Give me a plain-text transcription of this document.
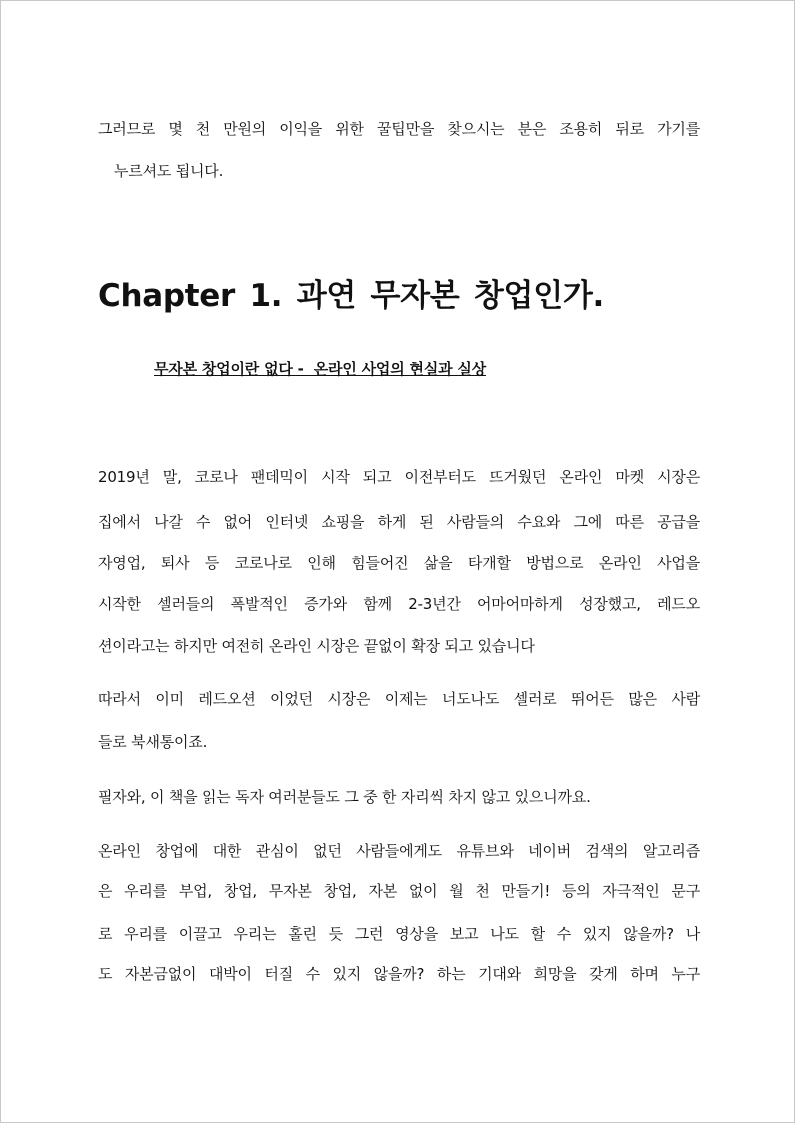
그러므로 몇 천 만원의 이익을 위한 꿀팁만을 찾으시는 분은 조용히 뒤로 가기를
누르셔도 됩니다.
Chapter 1. 과연 무자본 창업인가.
무자본 창업이란 없다 -  온라인 사업의 현실과 실상
2019년 말, 코로나 팬데믹이 시작 되고 이전부터도 뜨거웠던 온라인 마켓 시장은
집에서 나갈 수 없어 인터넷 쇼핑을 하게 된 사람들의 수요와 그에 따른 공급을
자영업, 퇴사 등 코로나로 인해 힘들어진 삶을 타개할 방법으로 온라인 사업을
시작한 셀러들의 폭발적인 증가와 함께 2-3년간 어마어마하게 성장했고, 레드오
션이라고는 하지만 여전히 온라인 시장은 끝없이 확장 되고 있습니다
따라서 이미 레드오션 이었던 시장은 이제는 너도나도 셀러로 뛰어든 많은 사람
들로 북새통이죠.
필자와, 이 책을 읽는 독자 여러분들도 그 중 한 자리씩 차지 않고 있으니까요.
온라인 창업에 대한 관심이 없던 사람들에게도 유튜브와 네이버 검색의 알고리즘
은 우리를 부업, 창업, 무자본 창업, 자본 없이 월 천 만들기! 등의 자극적인 문구
로 우리를 이끌고 우리는 홀린 듯 그런 영상을 보고 나도 할 수 있지 않을까? 나
도 자본금없이 대박이 터질 수 있지 않을까? 하는 기대와 희망을 갖게 하며 누구
